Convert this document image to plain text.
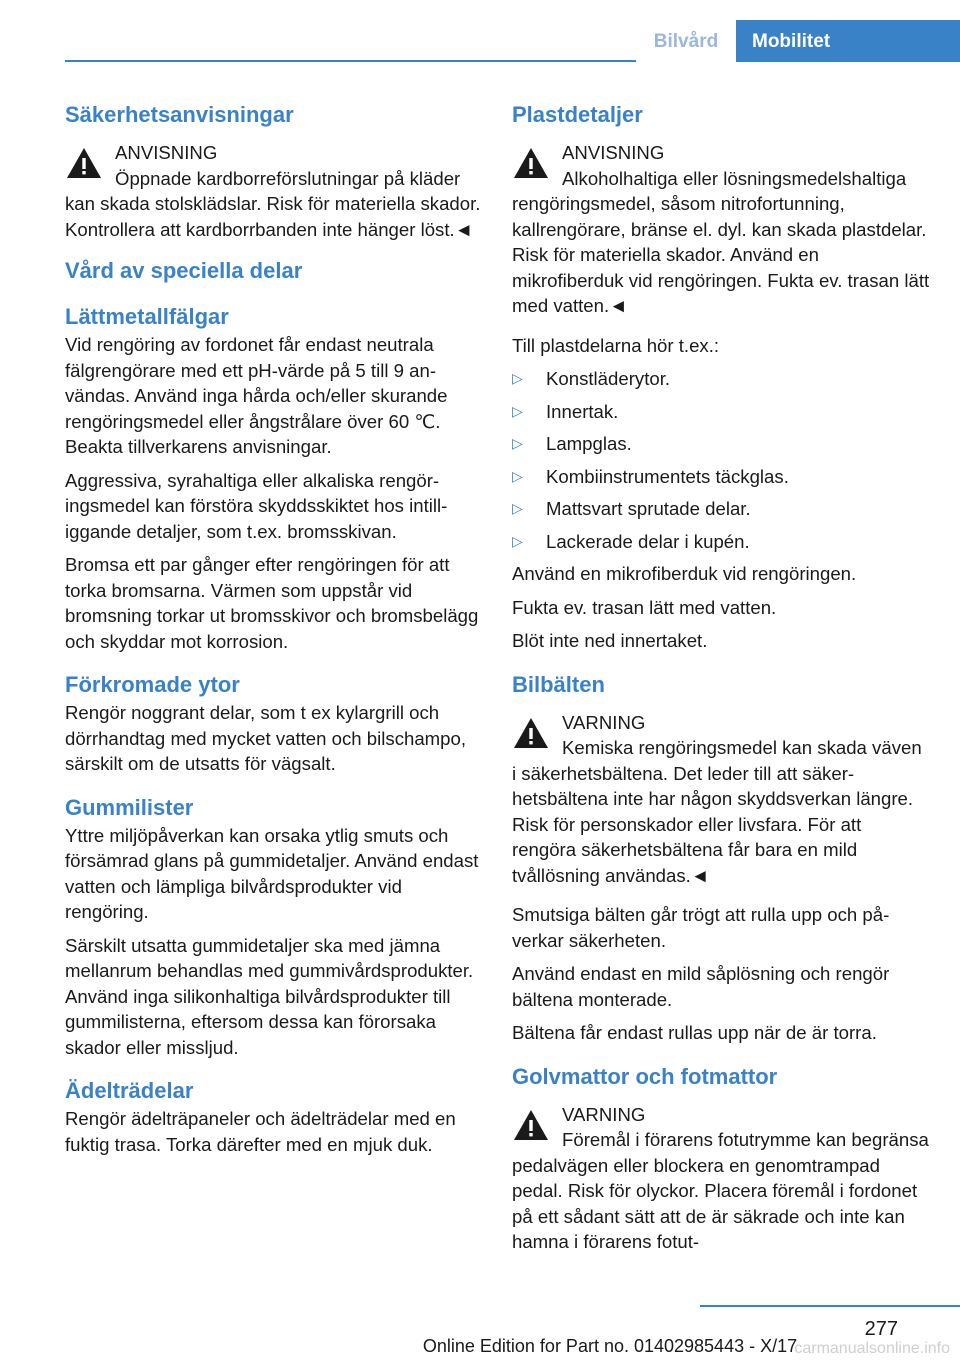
Bilvård	Mobilitet
Säkerhetsanvisningar
ANVISNING

Öppnade kardborreförslutningar på kläder kan skada stolsklädslar. Risk för materiella skador. Kontrollera att kardborrbanden inte hänger löst.◄

Vård av speciella delar
Lättmetallfälgar

Vid rengöring av fordonet får endast neutrala fälgrengörare med ett pH-värde på 5 till 9 användas. Använd inga hårda och/eller skurande rengöringsmedel eller ångstrålare över 60 ℃. Beakta tillverkarens anvisningar.

Aggressiva, syrahaltiga eller alkaliska rengöringsmedel kan förstöra skyddsskiktet hos intilliggande detaljer, som t.ex. bromsskivan.

Bromsa ett par gånger efter rengöringen för att torka bromsarna. Värmen som uppstår vid bromsning torkar ut bromsskivor och bromsbelägg och skyddar mot korrosion.

Förkromade ytor

Rengör noggrant delar, som t ex kylargrill och dörrhandtag med mycket vatten och bilschampo, särskilt om de utsatts för vägsalt.

Gummilister

Yttre miljöpåverkan kan orsaka ytlig smuts och försämrad glans på gummidetaljer. Använd endast vatten och lämpliga bilvårdsprodukter vid rengöring.

Särskilt utsatta gummidetaljer ska med jämna mellanrum behandlas med gummivårdsprodukter. Använd inga silikonhaltiga bilvårdsprodukter till gummilisterna, eftersom dessa kan förorsaka skador eller missljud.

Ädelträdelar

Rengör ädelträpaneler och ädelträdelar med en fuktig trasa. Torka därefter med en mjuk duk.

Plastdetaljer
ANVISNING

Alkoholhaltiga eller lösningsmedelshaltiga rengöringsmedel, såsom nitrofortunning, kallrengörare, bränse el. dyl. kan skada plastdelar. Risk för materiella skador. Använd en mikrofiberduk vid rengöringen. Fukta ev. trasan lätt med vatten.◄

Till plastdelarna hör t.ex.:

▷ Konstläderytor.
▷ Innertak.
▷ Lampglas.
▷ Kombiinstrumentets täckglas.
▷ Mattsvart sprutade delar.
▷ Lackerade delar i kupén.

Använd en mikrofiberduk vid rengöringen.

Fukta ev. trasan lätt med vatten.

Blöt inte ned innertaket.

Bilbälten
VARNING

Kemiska rengöringsmedel kan skada väven i säkerhetsbältena. Det leder till att säkerhetsbältena inte har någon skyddsverkan längre. Risk för personskador eller livsfara. För att rengöra säkerhetsbältena får bara en mild tvållösning användas.◄

Smutsiga bälten går trögt att rulla upp och påverkar säkerheten.

Använd endast en mild såplösning och rengör bältena monterade.

Bältena får endast rullas upp när de är torra.

Golvmattor och fotmattor
VARNING

Föremål i förarens fotutrymme kan begränsa pedalvägen eller blockera en genomtrampad pedal. Risk för olyckor. Placera föremål i fordonet på ett sådant sätt att de är säkrade och inte kan hamna i förarens fotut-

277
Online Edition for Part no. 01402985443 - X/17
carmanualsonline.info
